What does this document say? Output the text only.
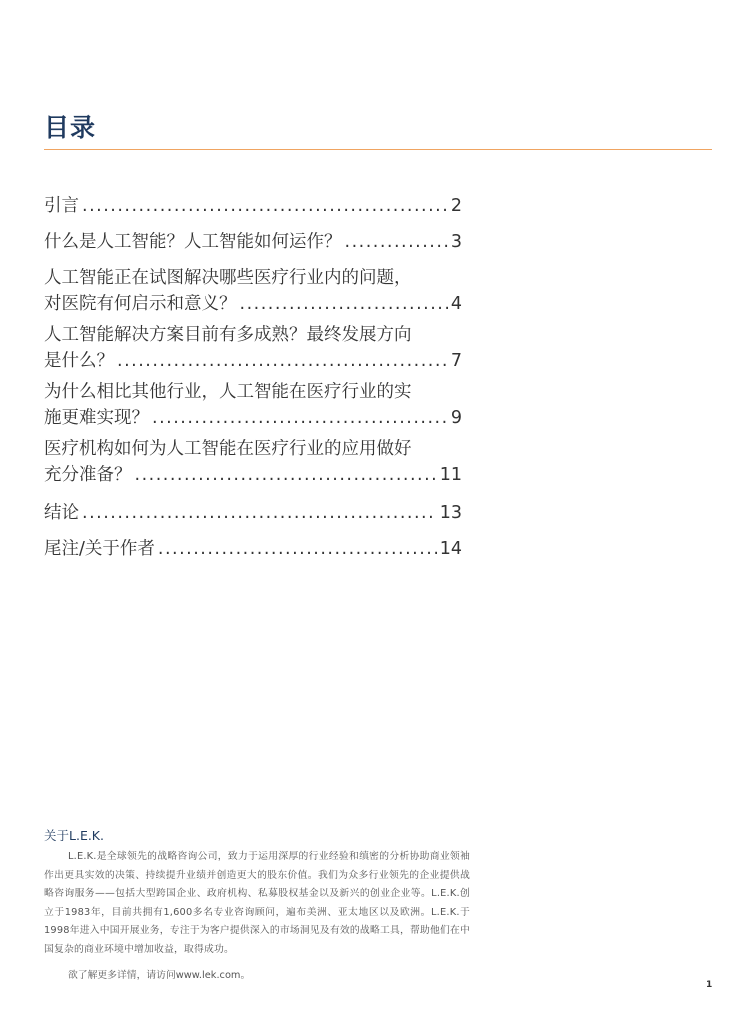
目录
引言 .....	2
什么是人工智能？人工智能如何运作？ .....	3
人工智能正在试图解决哪些医疗行业内的问题，
对医院有何启示和意义？ .....	4
人工智能解决方案目前有多成熟？最终发展方向
是什么？ .....	7
为什么相比其他行业，人工智能在医疗行业的实
施更难实现？ .....	9
医疗机构如何为人工智能在医疗行业的应用做好
充分准备？ .....	11
结论 .....	13
尾注/关于作者 .....	14
关于L.E.K.
L.E.K.是全球领先的战略咨询公司，致力于运用深厚的行业经验和缜密的分析协助商业领袖作出更具实效的决策、持续提升业绩并创造更大的股东价值。我们为众多行业领先的企业提供战略咨询服务——包括大型跨国企业、政府机构、私募股权基金以及新兴的创业企业等。L.E.K.创立于1983年，目前共拥有1,600多名专业咨询顾问，遍布美洲、亚太地区以及欧洲。L.E.K.于1998年进入中国开展业务，专注于为客户提供深入的市场洞见及有效的战略工具，帮助他们在中国复杂的商业环境中增加收益，取得成功。
欲了解更多详情，请访问www.lek.com。
1
